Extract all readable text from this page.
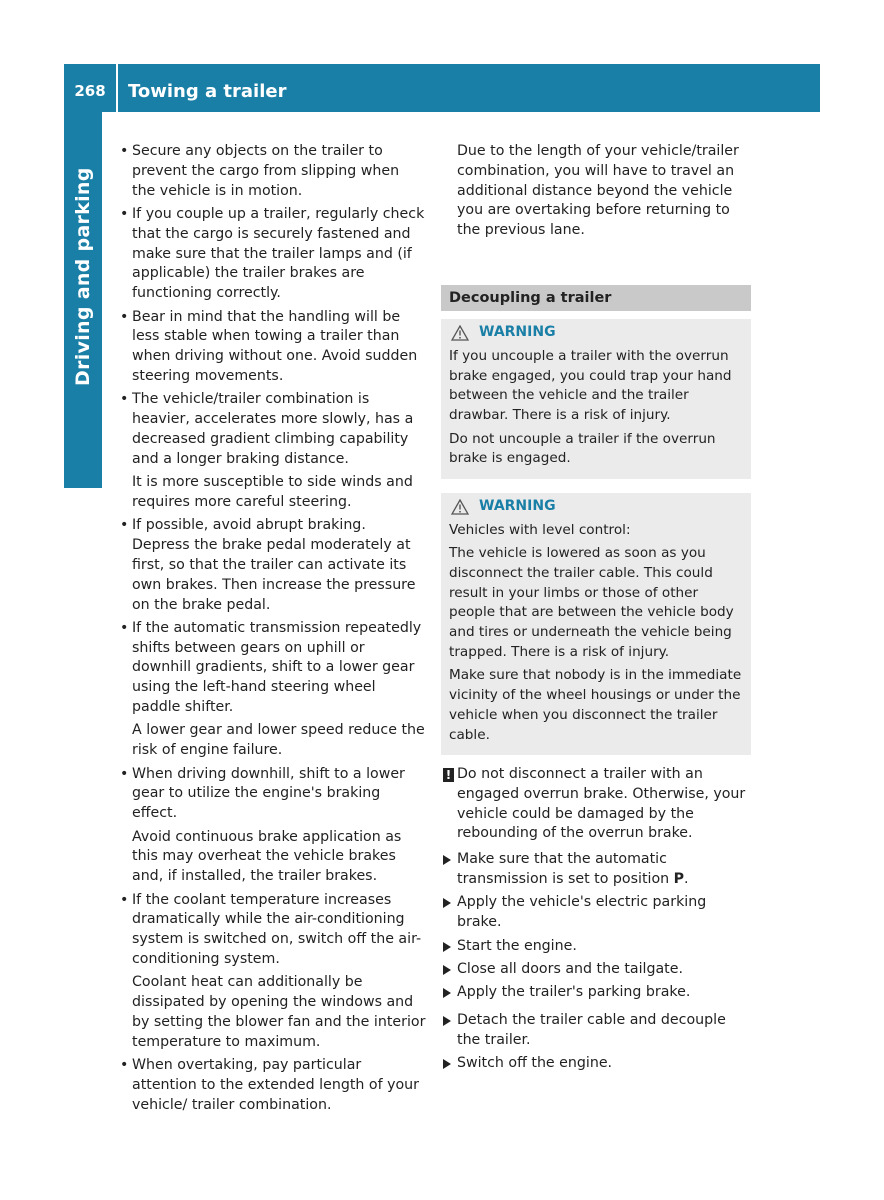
268	Towing a trailer
Driving and parking
• Secure any objects on the trailer to prevent the cargo from slipping when the vehicle is in motion.
• If you couple up a trailer, regularly check that the cargo is securely fastened and make sure that the trailer lamps and (if applicable) the trailer brakes are functioning correctly.
• Bear in mind that the handling will be less stable when towing a trailer than when driving without one. Avoid sudden steering movements.
• The vehicle/trailer combination is heavier, accelerates more slowly, has a decreased gradient climbing capability and a longer braking distance.
It is more susceptible to side winds and requires more careful steering.
• If possible, avoid abrupt braking. Depress the brake pedal moderately at first, so that the trailer can activate its own brakes. Then increase the pressure on the brake pedal.
• If the automatic transmission repeatedly shifts between gears on uphill or downhill gradients, shift to a lower gear using the left-hand steering wheel paddle shifter.
A lower gear and lower speed reduce the risk of engine failure.
• When driving downhill, shift to a lower gear to utilize the engine's braking effect.
Avoid continuous brake application as this may overheat the vehicle brakes and, if installed, the trailer brakes.
• If the coolant temperature increases dramatically while the air-conditioning system is switched on, switch off the air-conditioning system.
Coolant heat can additionally be dissipated by opening the windows and by setting the blower fan and the interior temperature to maximum.
• When overtaking, pay particular attention to the extended length of your vehicle/ trailer combination.
Due to the length of your vehicle/trailer combination, you will have to travel an additional distance beyond the vehicle you are overtaking before returning to the previous lane.
Decoupling a trailer
WARNING

If you uncouple a trailer with the overrun brake engaged, you could trap your hand between the vehicle and the trailer drawbar. There is a risk of injury.

Do not uncouple a trailer if the overrun brake is engaged.

WARNING

Vehicles with level control:

The vehicle is lowered as soon as you disconnect the trailer cable. This could result in your limbs or those of other people that are between the vehicle body and tires or underneath the vehicle being trapped. There is a risk of injury.

Make sure that nobody is in the immediate vicinity of the wheel housings or under the vehicle when you disconnect the trailer cable.

! Do not disconnect a trailer with an engaged overrun brake. Otherwise, your vehicle could be damaged by the rebounding of the overrun brake.
Make sure that the automatic transmission is set to position P.
Apply the vehicle's electric parking brake.
Start the engine.
Close all doors and the tailgate.
Apply the trailer's parking brake.
Detach the trailer cable and decouple the trailer.
Switch off the engine.
